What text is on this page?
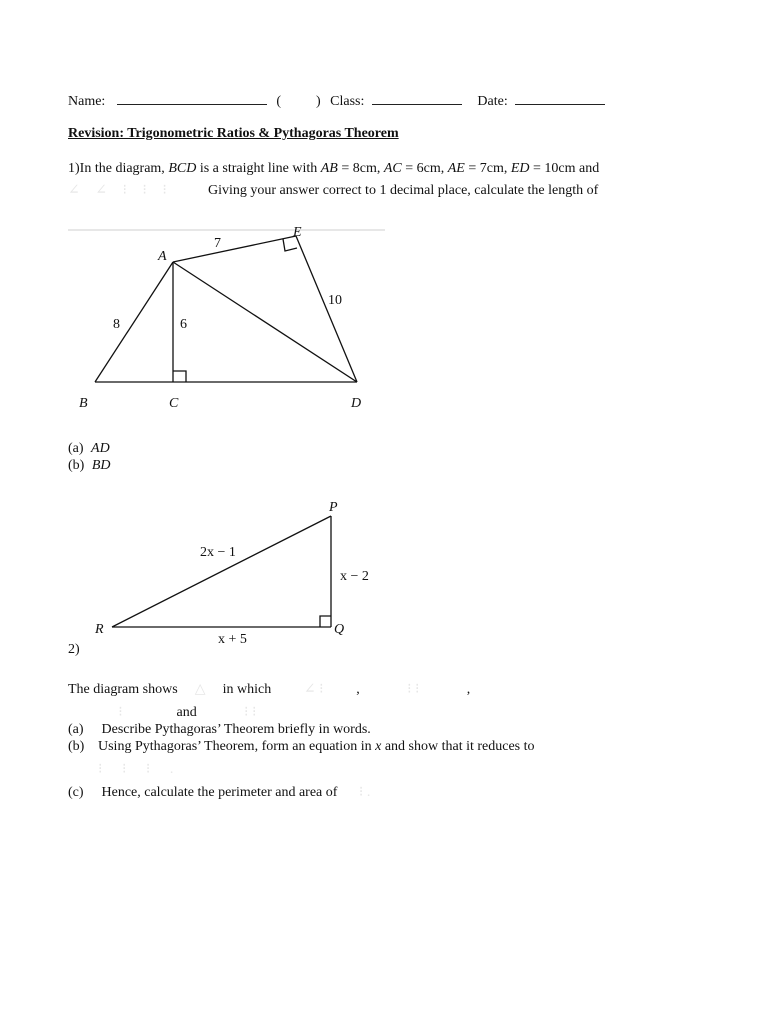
Name:	(	) Class:	Date:
Revision: Trigonometric Ratios & Pythagoras Theorem
1)In the diagram, BCD is a straight line with AB = 8cm, AC = 6cm, AE = 7cm, ED = 10cm and
∠ ∠ ⁝ ⁝ ⁝	Giving your answer correct to 1 decimal place, calculate the length of
A
E
B	C	D
7
8	6
10
(a) AD
(b) BD
P
Q
R
2x − 1
x − 2
x + 5
2)
The diagram shows △ in which ∠ ⁝ ,	⁝ ⁝	,
⁝	and	⁝ ⁝
(a) Describe Pythagoras’ Theorem briefly in words.
(b) Using Pythagoras’ Theorem, form an equation in x and show that it reduces to
⁝ ⁝ ⁝ .
(c) Hence, calculate the perimeter and area of ⁝ .
